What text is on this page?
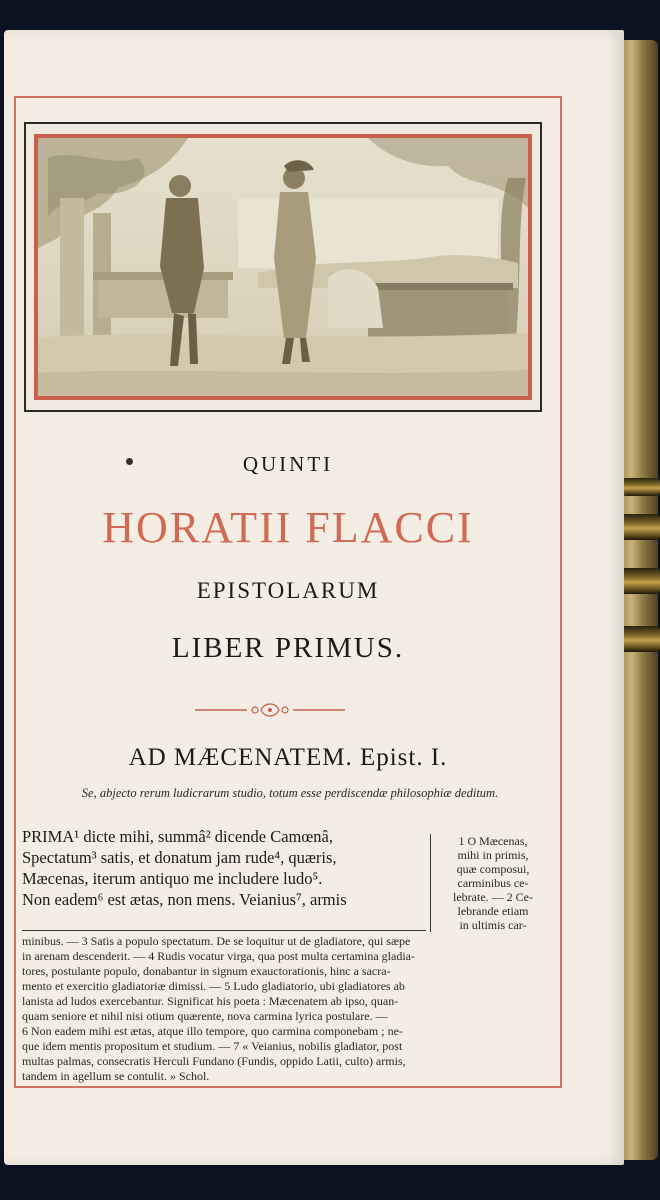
QUINTI
HORATII FLACCI
EPISTOLARUM
LIBER PRIMUS.
AD MÆCENATEM. Epist. I.
Se, abjecto rerum ludicrarum studio, totum esse perdiscendæ philosophiæ deditum.
PRIMA¹ dicte mihi, summâ² dicende Camœnâ,
Spectatum³ satis, et donatum jam rude⁴, quæris,
Mæcenas, iterum antiquo me includere ludo⁵.
Non eadem⁶ est ætas, non mens. Veianius⁷, armis
1 O Mæcenas,
mihi in primis,
quæ composui,
carminibus ce-
lebrate. — 2 Ce-
lebrande etiam
in ultimis car-
minibus. — 3 Satis a populo spectatum. De se loquitur ut de gladiatore, qui sæpe
in arenam descenderit. — 4 Rudis vocatur virga, qua post multa certamina gladia-
tores, postulante populo, donabantur in signum exauctorationis, hinc a sacra-
mento et exercitio gladiatoriæ dimissi. — 5 Ludo gladiatorio, ubi gladiatores ab
lanista ad ludos exercebantur. Significat his poeta : Mæcenatem ab ipso, quan-
quam seniore et nihil nisi otium quærente, nova carmina lyrica postulare. —
6 Non eadem mihi est ætas, atque illo tempore, quo carmina componebam ; ne-
que idem mentis propositum et studium. — 7 « Veianius, nobilis gladiator, post
multas palmas, consecratis Herculi Fundano (Fundis, oppido Latii, culto) armis,
tandem in agellum se contulit. » Schol.
